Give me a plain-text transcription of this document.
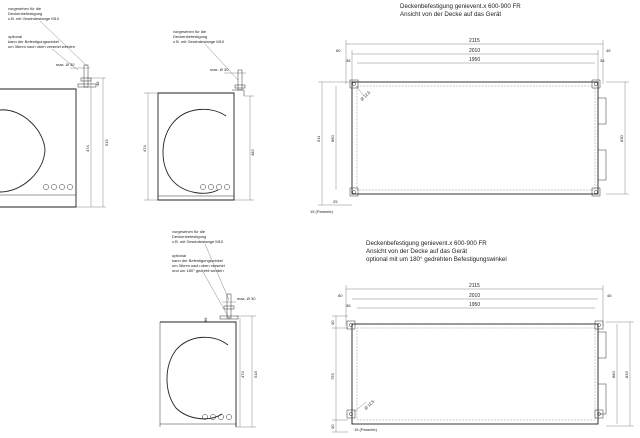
vorgesehen für die
Deckenbefestigung
z.B. mit Gewindestange M10
optional
kann der Befestigungswinkel
um 36mm nach oben versetzt werden
max. Ø 30
48
474
515
vorgesehen für die
Deckenbefestigung
z.B. mit Gewindestange M10
max. Ø 30
474
482
vorgesehen für die
Deckenbefestigung
z.B. mit Gewindestange M10
optional
kann der Befestigungswinkel
um 36mm nach oben versetzt
und um 180° gedreht werden
max. Ø 30
88
474 518
Deckenbefestigung genievent.x 600-900 FR
Ansicht von der Decke auf das Gerät
2115
2010
1950
60	45
36	36
Ø 12,5
911 880
25
15 (Paneele)
830
Deckenbefestigung genievent.x 600-900 FR
Ansicht von der Decke auf das Gerät
optional mit um 180° gedrehten Befestigungswinkel
2115
2010
1950
60	45
36
Ø 12,5
40
793
40
15 (Paneele)
880 833
